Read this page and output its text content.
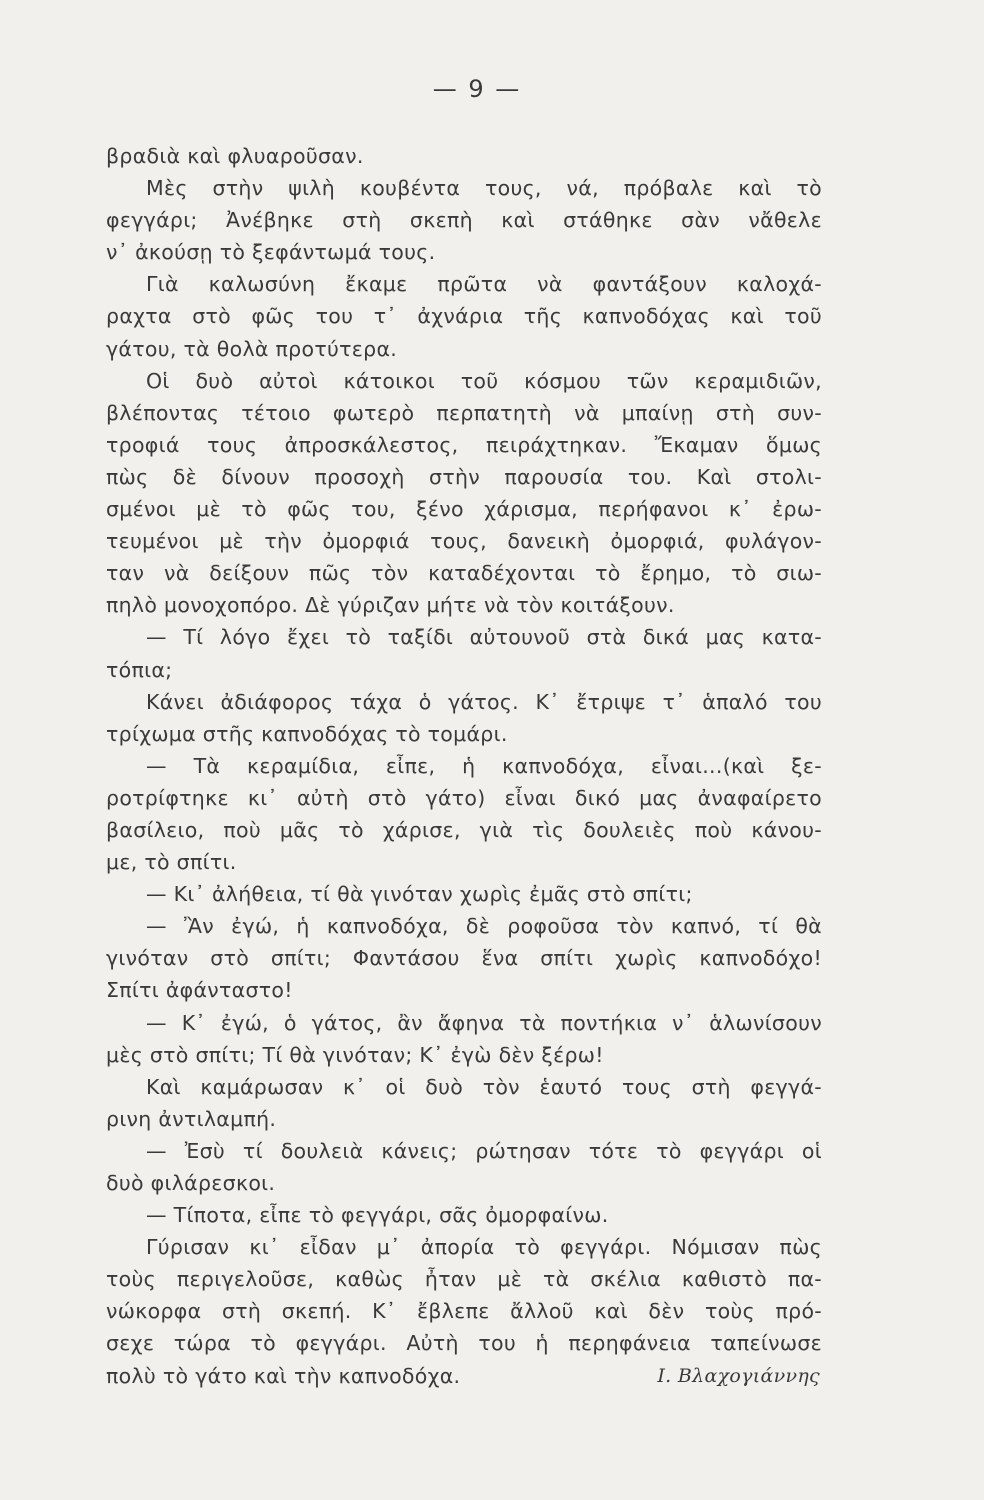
— 9 —
βραδιὰ καὶ φλυαροῦσαν.
Μὲς στὴν ψιλὴ κουβέντα τους, νά, πρόβαλε καὶ τὸ
φεγγάρι; Ἀνέβηκε στὴ σκεπὴ καὶ στάθηκε σὰν νἄθελε
ν᾽ ἀκούσῃ τὸ ξεφάντωμά τους.
Γιὰ καλωσύνη ἔκαμε πρῶτα νὰ φαντάξουν καλοχά-
ραχτα στὸ φῶς του τ᾽ ἀχνάρια τῆς καπνοδόχας καὶ τοῦ
γάτου, τὰ θολὰ προτύτερα.
Οἱ δυὸ αὐτοὶ κάτοικοι τοῦ κόσμου τῶν κεραμιδιῶν,
βλέποντας τέτοιο φωτερὸ περπατητὴ νὰ μπαίνῃ στὴ συν-
τροφιά τους ἀπροσκάλεστος, πειράχτηκαν. Ἔκαμαν ὅμως
πὼς δὲ δίνουν προσοχὴ στὴν παρουσία του. Καὶ στολι-
σμένοι μὲ τὸ φῶς του, ξένο χάρισμα, περήφανοι κ᾽ ἐρω-
τευμένοι μὲ τὴν ὀμορφιά τους, δανεικὴ ὀμορφιά, φυλάγον-
ταν νὰ δείξουν πῶς τὸν καταδέχονται τὸ ἔρημο, τὸ σιω-
πηλὸ μονοχοπόρο. Δὲ γύριζαν μήτε νὰ τὸν κοιτάξουν.
— Τί λόγο ἔχει τὸ ταξίδι αὐτουνοῦ στὰ δικά μας κατα-
τόπια;
Κάνει ἀδιάφορος τάχα ὁ γάτος. Κ᾽ ἔτριψε τ᾽ ἁπαλό του
τρίχωμα στῆς καπνοδόχας τὸ τομάρι.
— Τὰ κεραμίδια, εἶπε, ἡ καπνοδόχα, εἶναι...(καὶ ξε-
ροτρίφτηκε κι᾽ αὐτὴ στὸ γάτο) εἶναι δικό μας ἀναφαίρετο
βασίλειο, ποὺ μᾶς τὸ χάρισε, γιὰ τὶς δουλειὲς ποὺ κάνου-
με, τὸ σπίτι.
— Κι᾽ ἀλήθεια, τί θὰ γινόταν χωρὶς ἐμᾶς στὸ σπίτι;
— Ἂν ἐγώ, ἡ καπνοδόχα, δὲ ροφοῦσα τὸν καπνό, τί θὰ
γινόταν στὸ σπίτι; Φαντάσου ἕνα σπίτι χωρὶς καπνοδόχο!
Σπίτι ἀφάνταστο!
— Κ᾽ ἐγώ, ὁ γάτος, ἂν ἄφηνα τὰ ποντήκια ν᾽ ἁλωνίσουν
μὲς στὸ σπίτι; Τί θὰ γινόταν; Κ᾽ ἐγὼ δὲν ξέρω!
Καὶ καμάρωσαν κ᾽ οἱ δυὸ τὸν ἑαυτό τους στὴ φεγγά-
ρινη ἀντιλαμπή.
— Ἐσὺ τί δουλειὰ κάνεις; ρώτησαν τότε τὸ φεγγάρι οἱ
δυὸ φιλάρεσκοι.
— Τίποτα, εἶπε τὸ φεγγάρι, σᾶς ὀμορφαίνω.
Γύρισαν κι᾽ εἶδαν μ᾽ ἀπορία τὸ φεγγάρι. Νόμισαν πὼς
τοὺς περιγελοῦσε, καθὼς ἦταν μὲ τὰ σκέλια καθιστὸ πα-
νώκορφα στὴ σκεπή. Κ᾽ ἔβλεπε ἄλλοῦ καὶ δὲν τοὺς πρό-
σεχε τώρα τὸ φεγγάρι. Αὐτὴ του ἡ περηφάνεια ταπείνωσε
πολὺ τὸ γάτο καὶ τὴν καπνοδόχα.	Ι. Βλαχογιάννης
